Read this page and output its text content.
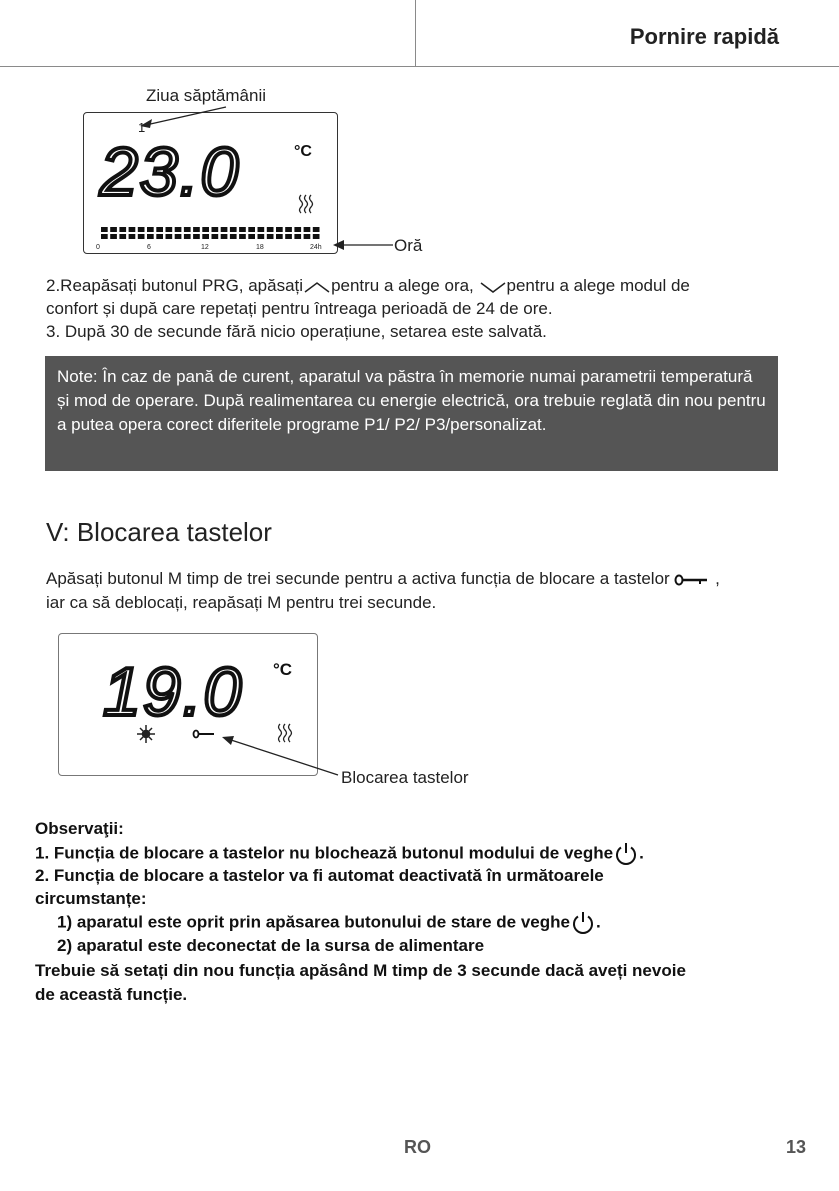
Pornire rapidă
Ziua săptămânii
1
23.0	°C
0	6	12	18	24h	Oră
2.Reapăsați butonul PRG, apăsați pentru a alege ora, pentru a alege modul de
confort și după care repetați pentru întreaga perioadă de 24 de ore.
3. După 30 de secunde fără nicio operațiune, setarea este salvată.
Note: În caz de pană de curent, aparatul va păstra în memorie numai parametrii temperatură și mod de operare. După realimentarea cu energie electrică, ora trebuie reglată din nou pentru a putea opera corect diferitele programe P1/ P2/ P3/personalizat.
V: Blocarea tastelor
Apăsați butonul M timp de trei secunde pentru a activa funcția de blocare a tastelor	,
iar ca să deblocați, reapăsați M pentru trei secunde.
19.0 °C
Blocarea tastelor
Observaţii:
1. Funcția de blocare a tastelor nu blochează butonul modului de veghe .
2. Funcția de blocare a tastelor va fi automat deactivată în următoarele
circumstanțe:
1) aparatul este oprit prin apăsarea butonului de stare de veghe .
2) aparatul este deconectat de la sursa de alimentare
Trebuie să setați din nou funcția apăsând M timp de 3 secunde dacă aveți nevoie
de această funcție.
RO	13
